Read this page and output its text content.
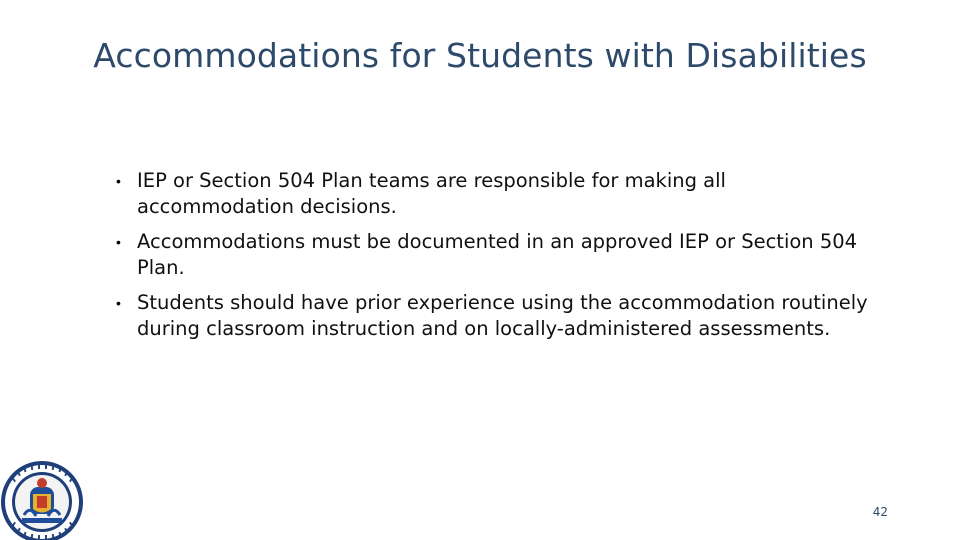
Accommodations for Students with Disabilities
• IEP or Section 504 Plan teams are responsible for making all accommodation decisions.
• Accommodations must be documented in an approved IEP or Section 504 Plan.
• Students should have prior experience using the accommodation routinely during classroom instruction and on locally-administered assessments.
42
